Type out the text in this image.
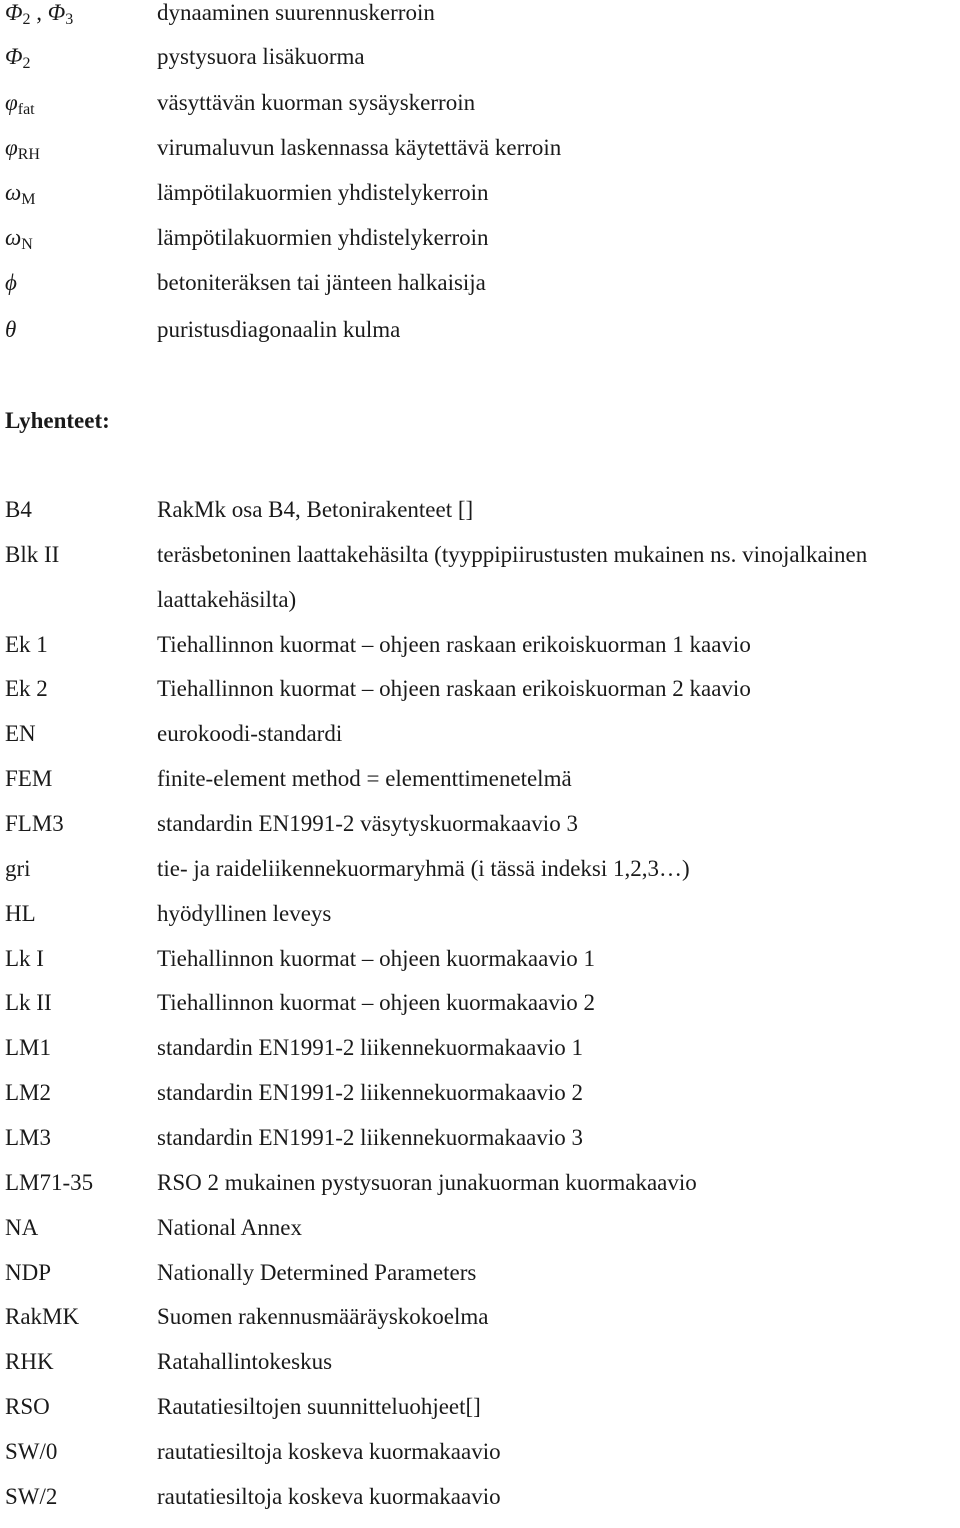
Φ2 , Φ3	dynaaminen suurennuskerroin
Φ2	pystysuora lisäkuorma
φfat	väsyttävän kuorman sysäyskerroin
φRH	virumaluvun laskennassa käytettävä kerroin
ωM	lämpötilakuormien yhdistelykerroin
ωN	lämpötilakuormien yhdistelykerroin
ϕ	betoniteräksen tai jänteen halkaisija
θ	puristusdiagonaalin kulma
Lyhenteet:
B4	RakMk osa B4, Betonirakenteet []
Blk II	teräsbetoninen laattakehäsilta (tyyppipiirustusten mukainen ns. vinojalkainen
laattakehäsilta)
Ek 1	Tiehallinnon kuormat – ohjeen raskaan erikoiskuorman 1 kaavio
Ek 2	Tiehallinnon kuormat – ohjeen raskaan erikoiskuorman 2 kaavio
EN	eurokoodi-standardi
FEM	finite-element method = elementtimenetelmä
FLM3	standardin EN1991-2 väsytyskuormakaavio 3
gri	tie- ja raideliikennekuormaryhmä (i tässä indeksi 1,2,3…)
HL	hyödyllinen leveys
Lk I	Tiehallinnon kuormat – ohjeen kuormakaavio 1
Lk II	Tiehallinnon kuormat – ohjeen kuormakaavio 2
LM1	standardin EN1991-2 liikennekuormakaavio 1
LM2	standardin EN1991-2 liikennekuormakaavio 2
LM3	standardin EN1991-2 liikennekuormakaavio 3
LM71-35	RSO 2 mukainen pystysuoran junakuorman kuormakaavio
NA	National Annex
NDP	Nationally Determined Parameters
RakMK	Suomen rakennusmääräyskokoelma
RHK	Ratahallintokeskus
RSO	Rautatiesiltojen suunnitteluohjeet[]
SW/0	rautatiesiltoja koskeva kuormakaavio
SW/2	rautatiesiltoja koskeva kuormakaavio
